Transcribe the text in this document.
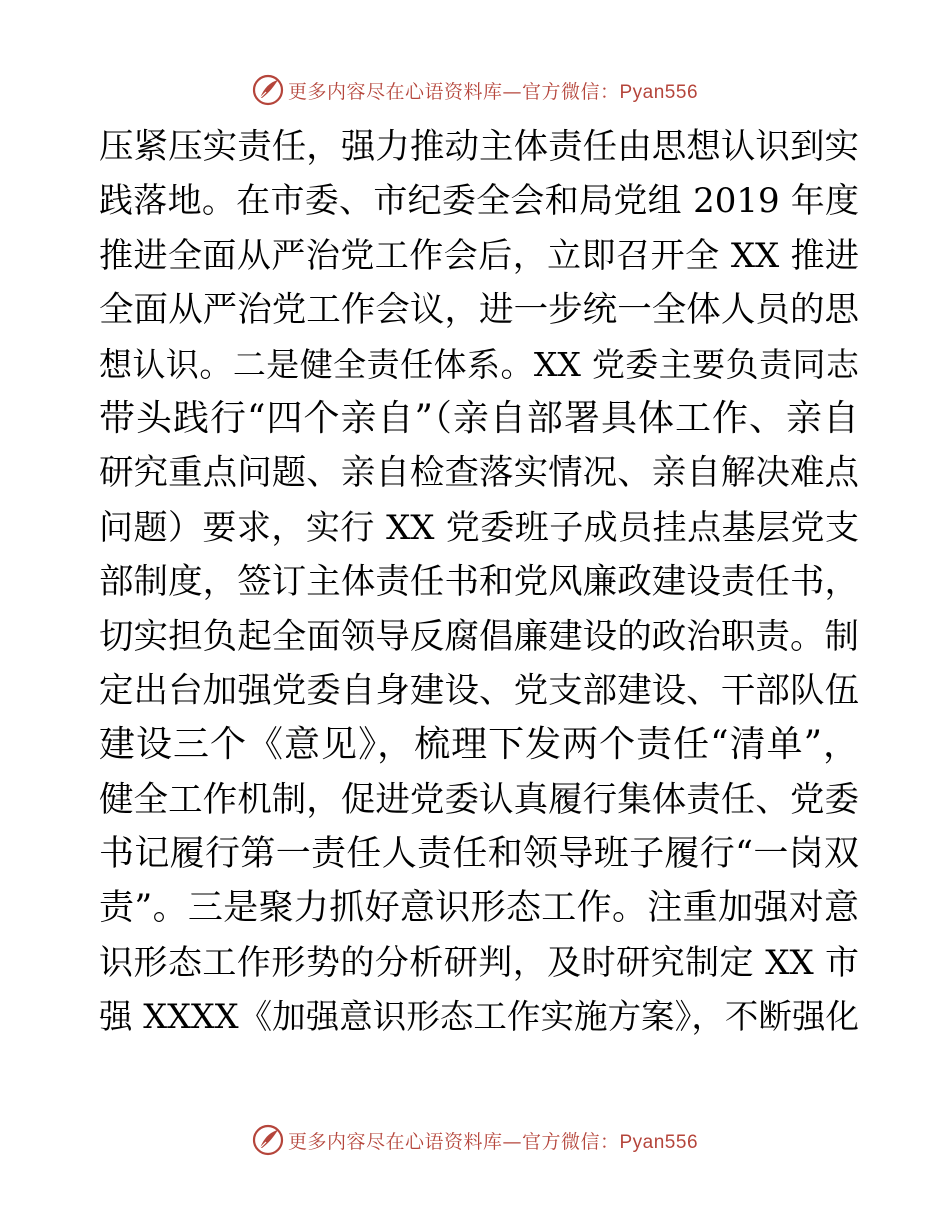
更多内容尽在心语资料库—官方微信：Pyan556
压紧压实责任，强力推动主体责任由思想认识到实
践落地。在市委、市纪委全会和局党组 2019 年度
推进全面从严治党工作会后，立即召开全 XX 推进
全面从严治党工作会议，进一步统一全体人员的思
想认识。二是健全责任体系。XX 党委主要负责同志
带头践行“四个亲自”（亲自部署具体工作、亲自
研究重点问题、亲自检查落实情况、亲自解决难点
问题）要求，实行 XX 党委班子成员挂点基层党支
部制度，签订主体责任书和党风廉政建设责任书，
切实担负起全面领导反腐倡廉建设的政治职责。制
定出台加强党委自身建设、党支部建设、干部队伍
建设三个《意见》，梳理下发两个责任“清单”，
健全工作机制，促进党委认真履行集体责任、党委
书记履行第一责任人责任和领导班子履行“一岗双
责”。三是聚力抓好意识形态工作。注重加强对意
识形态工作形势的分析研判，及时研究制定 XX 市
强 XXXX《加强意识形态工作实施方案》，不断强化
更多内容尽在心语资料库—官方微信：Pyan556
